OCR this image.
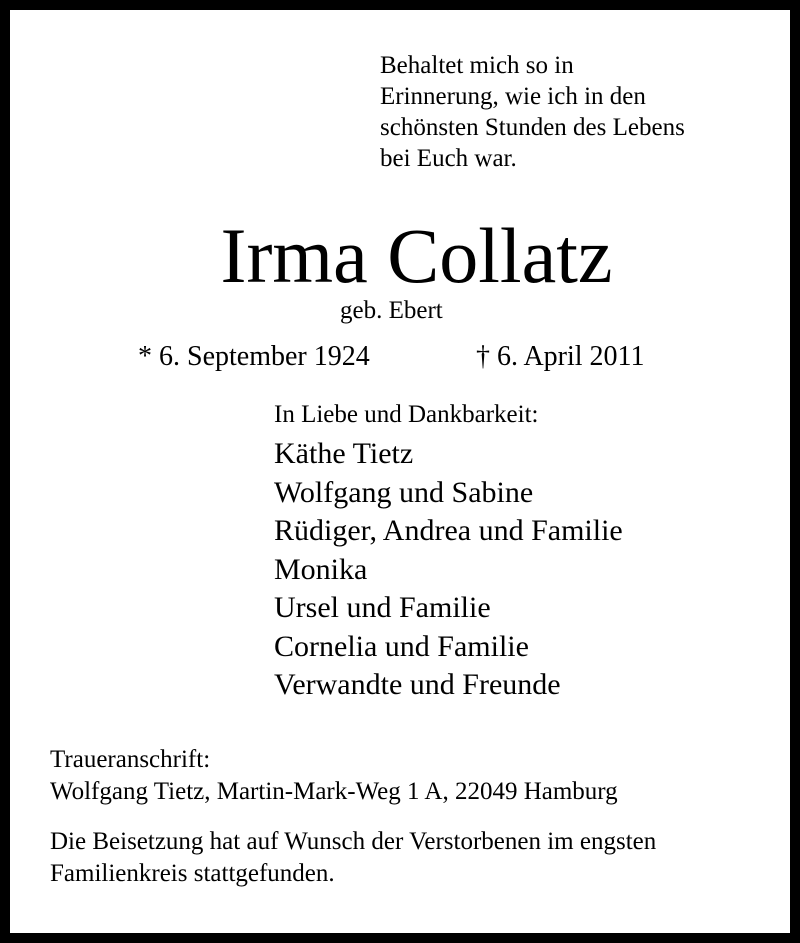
Behaltet mich so in
Erinnerung, wie ich in den
schönsten Stunden des Lebens
bei Euch war.
Irma Collatz
geb. Ebert
* 6. September 1924	† 6. April 2011
In Liebe und Dankbarkeit:
Käthe Tietz
Wolfgang und Sabine
Rüdiger, Andrea und Familie
Monika
Ursel und Familie
Cornelia und Familie
Verwandte und Freunde
Traueranschrift:
Wolfgang Tietz, Martin-Mark-Weg 1 A, 22049 Hamburg
Die Beisetzung hat auf Wunsch der Verstorbenen im engsten
Familienkreis stattgefunden.
